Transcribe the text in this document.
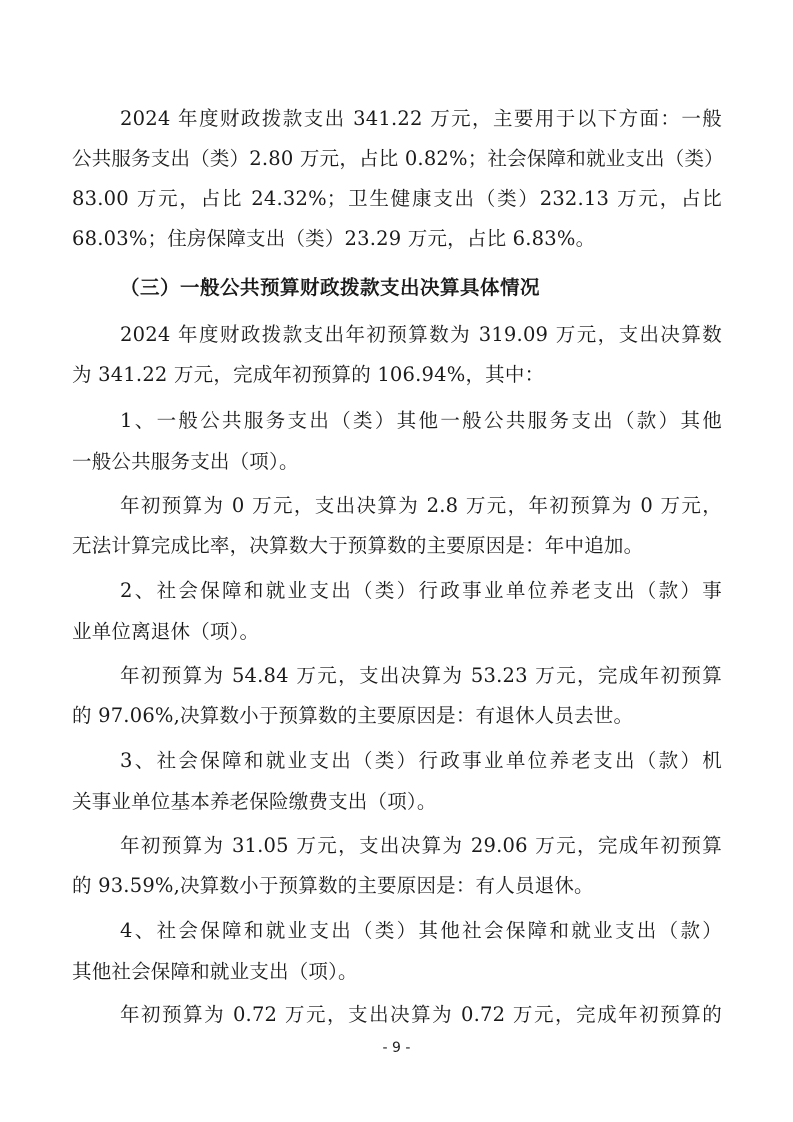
2024 年度财政拨款支出 341.22 万元，主要用于以下方面：一般
公共服务支出（类）2.80 万元，占比 0.82%；社会保障和就业支出（类）
83.00 万元，占比 24.32%；卫生健康支出（类）232.13 万元，占比
68.03%；住房保障支出（类）23.29 万元，占比 6.83%。
（三）一般公共预算财政拨款支出决算具体情况
2024 年度财政拨款支出年初预算数为 319.09 万元，支出决算数
为 341.22 万元，完成年初预算的 106.94%，其中：
1、一般公共服务支出（类）其他一般公共服务支出（款）其他
一般公共服务支出（项）。
年初预算为 0 万元，支出决算为 2.8 万元，年初预算为 0 万元，
无法计算完成比率，决算数大于预算数的主要原因是：年中追加。
2、社会保障和就业支出（类）行政事业单位养老支出（款）事
业单位离退休（项）。
年初预算为 54.84 万元，支出决算为 53.23 万元，完成年初预算
的 97.06%,决算数小于预算数的主要原因是：有退休人员去世。
3、社会保障和就业支出（类）行政事业单位养老支出（款）机
关事业单位基本养老保险缴费支出（项）。
年初预算为 31.05 万元，支出决算为 29.06 万元，完成年初预算
的 93.59%,决算数小于预算数的主要原因是：有人员退休。
4、社会保障和就业支出（类）其他社会保障和就业支出（款）
其他社会保障和就业支出（项）。
年初预算为 0.72 万元，支出决算为 0.72 万元，完成年初预算的
- 9 -
